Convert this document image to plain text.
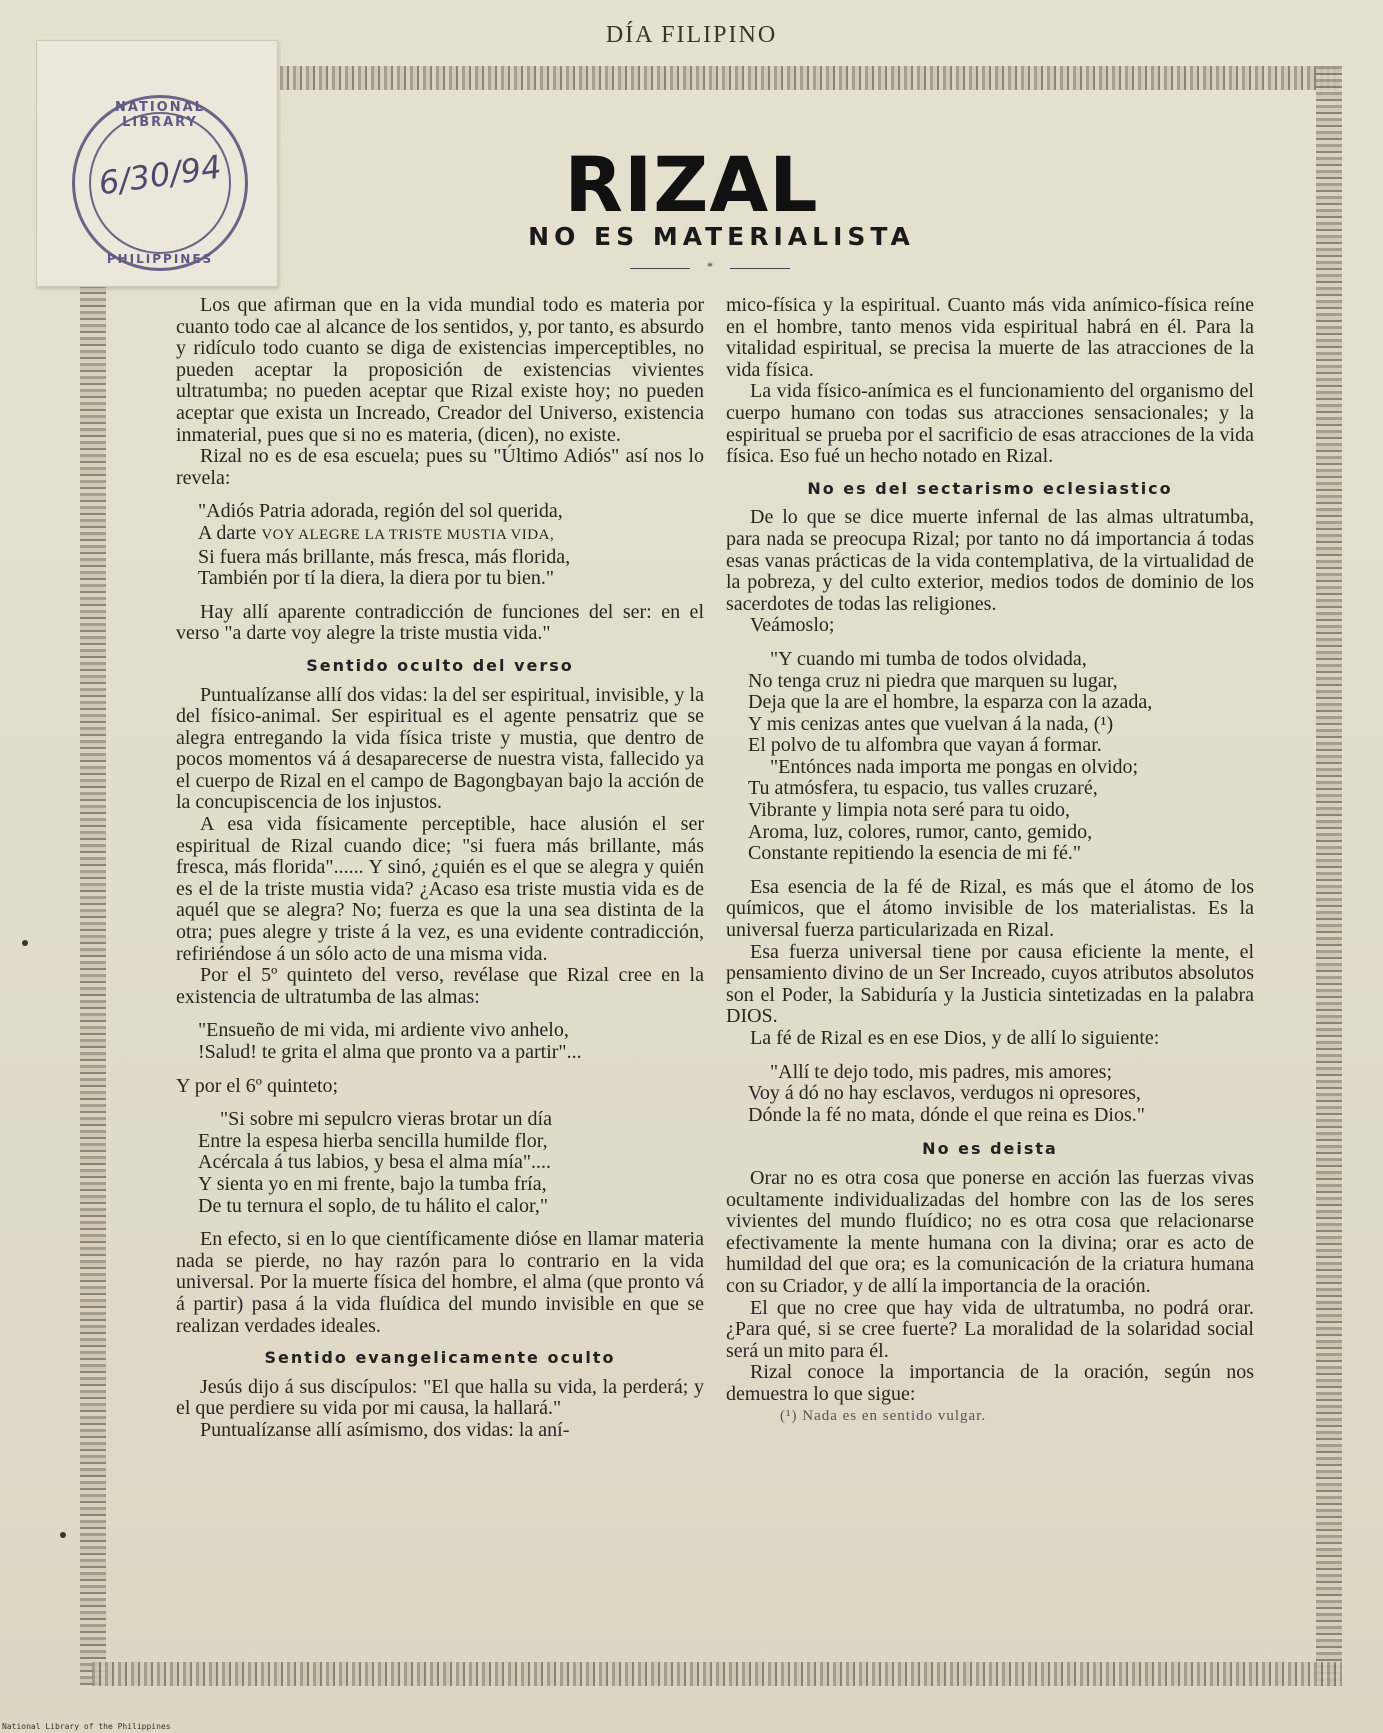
DÍA FILIPINO
NATIONAL LIBRARY
6/30/94
PHILIPPINES
RIZAL
NO ES MATERIALISTA
*

Los que afirman que en la vida mundial todo es materia por cuanto todo cae al alcance de los sentidos, y, por tanto, es absurdo y ridículo todo cuanto se diga de existencias imperceptibles, no pueden aceptar la proposición de existencias vivientes ultratumba; no pueden aceptar que Rizal existe hoy; no pueden aceptar que exista un Increado, Creador del Universo, existencia inmaterial, pues que si no es materia, (dicen), no existe.

Rizal no es de esa escuela; pues su "Último Adiós" así nos lo revela:

"Adiós Patria adorada, región del sol querida,
A darte VOY ALEGRE LA TRISTE MUSTIA VIDA,
Si fuera más brillante, más fresca, más florida,
También por tí la diera, la diera por tu bien."

Hay allí aparente contradicción de funciones del ser: en el verso "a darte voy alegre la triste mustia vida."

Sentido oculto del verso

Puntualízanse allí dos vidas: la del ser espiritual, invisible, y la del físico-animal. Ser espiritual es el agente pensatriz que se alegra entregando la vida física triste y mustia, que dentro de pocos momentos vá á desaparecerse de nuestra vista, fallecido ya el cuerpo de Rizal en el campo de Bagongbayan bajo la acción de la concupiscencia de los injustos.

A esa vida físicamente perceptible, hace alusión el ser espiritual de Rizal cuando dice; "si fuera más brillante, más fresca, más florida"...... Y sinó, ¿quién es el que se alegra y quién es el de la triste mustia vida? ¿Acaso esa triste mustia vida es de aquél que se alegra? No; fuerza es que la una sea distinta de la otra; pues alegre y triste á la vez, es una evidente contradicción, refiriéndose á un sólo acto de una misma vida.

Por el 5º quinteto del verso, revélase que Rizal cree en la existencia de ultratumba de las almas:

"Ensueño de mi vida, mi ardiente vivo anhelo,
!Salud! te grita el alma que pronto va a partir"...

Y por el 6º quinteto;

"Si sobre mi sepulcro vieras brotar un día
Entre la espesa hierba sencilla humilde flor,
Acércala á tus labios, y besa el alma mía"....
Y sienta yo en mi frente, bajo la tumba fría,
De tu ternura el soplo, de tu hálito el calor,"

En efecto, si en lo que científicamente dióse en llamar materia nada se pierde, no hay razón para lo contrario en la vida universal. Por la muerte física del hombre, el alma (que pronto vá á partir) pasa á la vida fluídica del mundo invisible en que se realizan verdades ideales.

Sentido evangelicamente oculto

Jesús dijo á sus discípulos: "El que halla su vida, la perderá; y el que perdiere su vida por mi causa, la hallará."

Puntualízanse allí asímismo, dos vidas: la aní-

mico-física y la espiritual. Cuanto más vida anímico-física reíne en el hombre, tanto menos vida espiritual habrá en él. Para la vitalidad espiritual, se precisa la muerte de las atracciones de la vida física.

La vida físico-anímica es el funcionamiento del organismo del cuerpo humano con todas sus atracciones sensacionales; y la espiritual se prueba por el sacrificio de esas atracciones de la vida física. Eso fué un hecho notado en Rizal.

No es del sectarismo eclesiastico

De lo que se dice muerte infernal de las almas ultratumba, para nada se preocupa Rizal; por tanto no dá importancia á todas esas vanas prácticas de la vida contemplativa, de la virtualidad de la pobreza, y del culto exterior, medios todos de dominio de los sacerdotes de todas las religiones.

Veámoslo;

"Y cuando mi tumba de todos olvidada,
No tenga cruz ni piedra que marquen su lugar,
Deja que la are el hombre, la esparza con la azada,
Y mis cenizas antes que vuelvan á la nada, (¹)
El polvo de tu alfombra que vayan á formar.
"Entónces nada importa me pongas en olvido;
Tu atmósfera, tu espacio, tus valles cruzaré,
Vibrante y limpia nota seré para tu oido,
Aroma, luz, colores, rumor, canto, gemido,
Constante repitiendo la esencia de mi fé."

Esa esencia de la fé de Rizal, es más que el átomo de los químicos, que el átomo invisible de los materialistas. Es la universal fuerza particularizada en Rizal.

Esa fuerza universal tiene por causa eficiente la mente, el pensamiento divino de un Ser Increado, cuyos atributos absolutos son el Poder, la Sabiduría y la Justicia sintetizadas en la palabra DIOS.

La fé de Rizal es en ese Dios, y de allí lo siguiente:

"Allí te dejo todo, mis padres, mis amores;
Voy á dó no hay esclavos, verdugos ni opresores,
Dónde la fé no mata, dónde el que reina es Dios."
No es deista

Orar no es otra cosa que ponerse en acción las fuerzas vivas ocultamente individualizadas del hombre con las de los seres vivientes del mundo fluídico; no es otra cosa que relacionarse efectivamente la mente humana con la divina; orar es acto de humildad del que ora; es la comunicación de la criatura humana con su Criador, y de allí la importancia de la oración.

El que no cree que hay vida de ultratumba, no podrá orar. ¿Para qué, si se cree fuerte? La moralidad de la solaridad social será un mito para él.

Rizal conoce la importancia de la oración, según nos demuestra lo que sigue:

(¹) Nada es en sentido vulgar.

National Library of the Philippines
